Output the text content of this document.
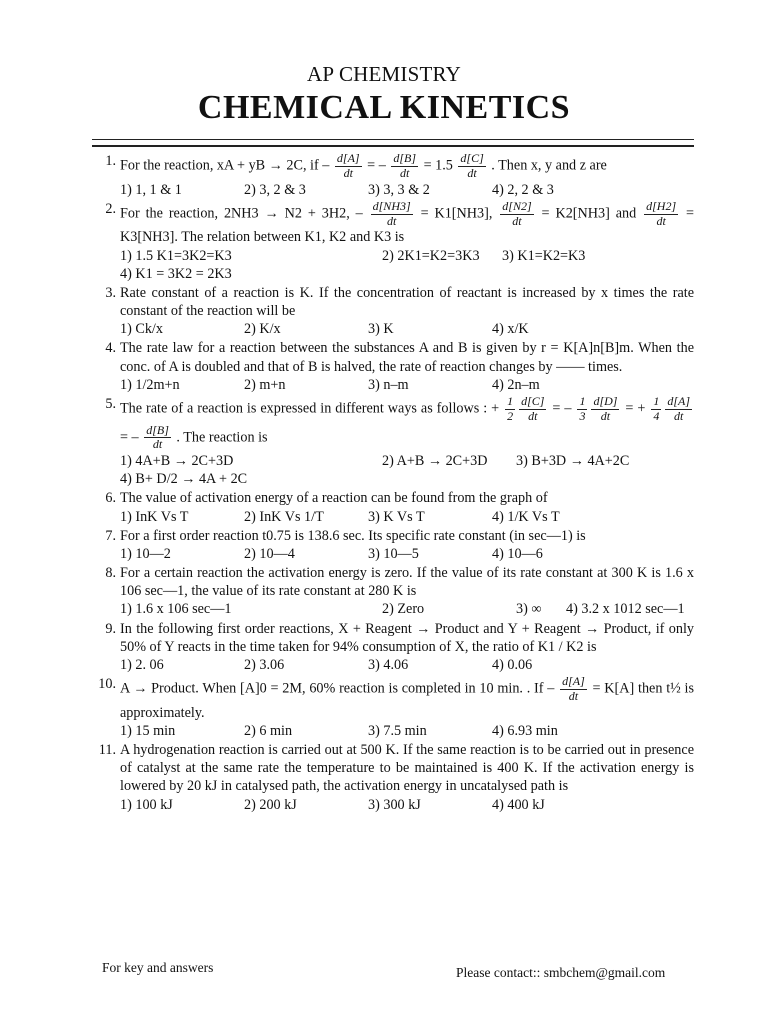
AP CHEMISTRY
CHEMICAL KINETICS
1. For the reaction, xA + yB → 2C, if – $\frac{d[A]}{dt}$ = – $\frac{d[B]}{dt} = 1.5 \frac{d[C]}{dt}$ . Then x, y and z are
1) 1, 1 & 1	2) 3, 2 & 3	3) 3, 3 & 2	4) 2, 2 & 3
2. For the reaction, 2NH3 → N2 + 3H2, – $\frac{d[NH3]}{dt} = K1[NH3]$, $\frac{d[N2]}{dt} = K2[NH3]$ and $\frac{d[H2]}{dt} = K3[NH3]$. The relation between K1, K2 and K3 is
1) 1.5 K1=3K2=K3	2) 2K1=K2=3K3	3) K1=K2=K3
4) K1 = 3K2 = 2K3
3. Rate constant of a reaction is K. If the concentration of reactant is increased by x times the rate constant of the reaction will be
1) Ck/x	2) K/x	3) K	4) x/K
4. The rate law for a reaction between the substances A and B is given by r = K[A]n[B]m. When the conc. of A is doubled and that of B is halved, the rate of reaction changes by —— times.
1) 1/2m+n	2) m+n	3) n–m	4) 2n–m
5. The rate of a reaction is expressed in different ways as follows : + $\frac{1}{2} \frac{d[C]}{dt}$ = – $\frac{1}{3} \frac{d[D]}{dt}$ = + $\frac{1}{4} \frac{d[A]}{dt}$
= – $\frac{d[B]}{dt}$ . The reaction is
1) 4A+B → 2C+3D	2) A+B → 2C+3D	3) B+3D → 4A+2C
4) B+ D/2 → 4A + 2C
6. The value of activation energy of a reaction can be found from the graph of
1) InK Vs T	2) InK Vs 1/T	3) K Vs T	4) 1/K Vs T
7. For a first order reaction t0.75 is 138.6 sec. Its specific rate constant (in sec—1) is
1) 10—2	2) 10—4	3) 10—5	4) 10—6
8. For a certain reaction the activation energy is zero. If the value of its rate constant at 300 K is 1.6 x 106 sec—1, the value of its rate constant at 280 K is
1) 1.6 x 106 sec—1	2) Zero	3) ∞	4) 3.2 x 1012 sec—1
9. In the following first order reactions, X + Reagent → Product and Y + Reagent → Product, if only 50% of Y reacts in the time taken for 94% consumption of X, the ratio of K1 / K2 is
1) 2. 06	2) 3.06	3) 4.06	4) 0.06
10. A → Product. When [A]0 = 2M, 60% reaction is completed in 10 min. . $If - \frac{d[A]}{dt} = K[A]$ then t½ is approximately.
1) 15 min	2) 6 min	3) 7.5 min	4) 6.93 min
11. A hydrogenation reaction is carried out at 500 K. If the same reaction is to be carried out in presence of catalyst at the same rate the temperature to be maintained is 400 K. If the activation energy is lowered by 20 kJ in catalysed path, the activation energy in uncatalysed path is
1) 100 kJ	2) 200 kJ	3) 300 kJ	4) 400 kJ
For key and answers	Please contact:: smbchem@gmail.com
